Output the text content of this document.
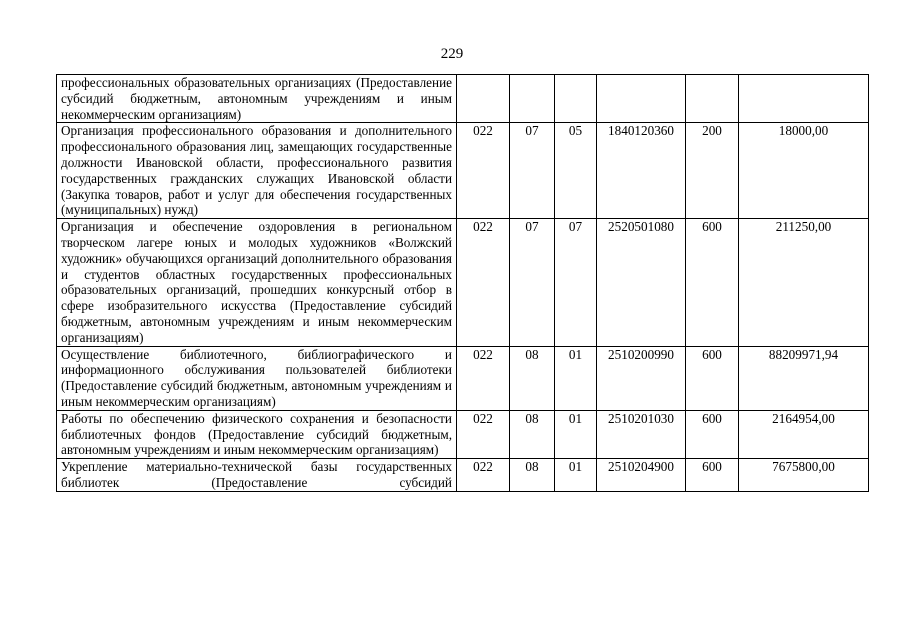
229
профессиональных образовательных организациях (Предоставление субсидий бюджетным, автономным учреждениям и иным некоммерческим организациям)						
Организация профессионального образования и дополнительного профессионального образования лиц, замещающих государственные должности Ивановской области, профессионального развития государственных гражданских служащих Ивановской области (Закупка товаров, работ и услуг для обеспечения государственных (муниципальных) нужд)	022	07	05	1840120360	200	18000,00
Организация и обеспечение оздоровления в региональном творческом лагере юных и молодых художников «Волжский художник» обучающихся организаций дополнительного образования и студентов областных государственных профессиональных образовательных организаций, прошедших конкурсный отбор в сфере изобразительного искусства (Предоставление субсидий бюджетным, автономным учреждениям и иным некоммерческим организациям)	022	07	07	2520501080	600	211250,00
Осуществление библиотечного, библиографического и информационного обслуживания пользователей библиотеки (Предоставление субсидий бюджетным, автономным учреждениям и иным некоммерческим организациям)	022	08	01	2510200990	600	88209971,94
Работы по обеспечению физического сохранения и безопасности библиотечных фондов (Предоставление субсидий бюджетным, автономным учреждениям и иным некоммерческим организациям)	022	08	01	2510201030	600	2164954,00
Укрепление материально-технической базы государственных библиотек (Предоставление субсидий	022	08	01	2510204900	600	7675800,00
